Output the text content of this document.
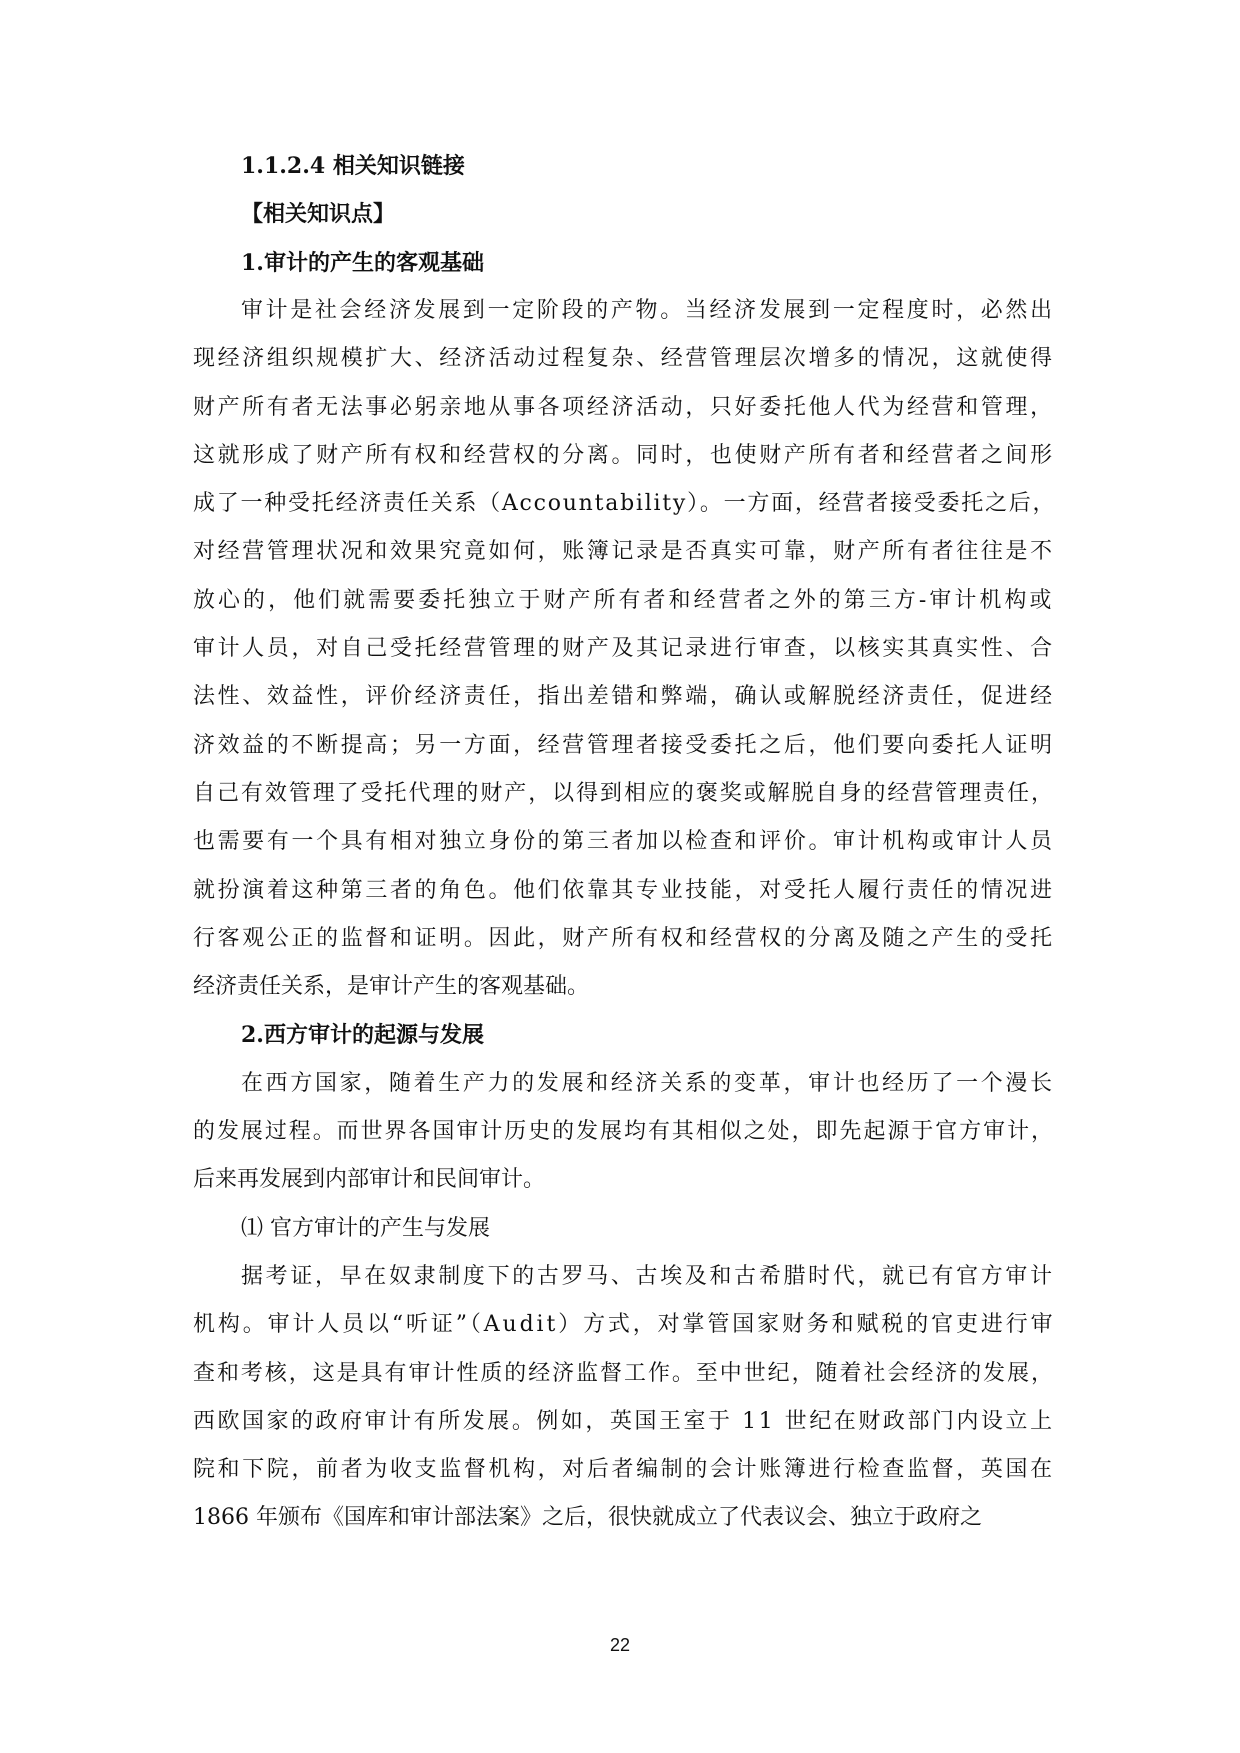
1.1.2.4 相关知识链接
【相关知识点】
1.审计的产生的客观基础
审计是社会经济发展到一定阶段的产物。当经济发展到一定程度时，必然出
现经济组织规模扩大、经济活动过程复杂、经营管理层次增多的情况，这就使得
财产所有者无法事必躬亲地从事各项经济活动，只好委托他人代为经营和管理，
这就形成了财产所有权和经营权的分离。同时，也使财产所有者和经营者之间形
成了一种受托经济责任关系（Accountability）。一方面，经营者接受委托之后，
对经营管理状况和效果究竟如何，账簿记录是否真实可靠，财产所有者往往是不
放心的，他们就需要委托独立于财产所有者和经营者之外的第三方-审计机构或
审计人员，对自己受托经营管理的财产及其记录进行审查，以核实其真实性、合
法性、效益性，评价经济责任，指出差错和弊端，确认或解脱经济责任，促进经
济效益的不断提高；另一方面，经营管理者接受委托之后，他们要向委托人证明
自己有效管理了受托代理的财产，以得到相应的褒奖或解脱自身的经营管理责任，
也需要有一个具有相对独立身份的第三者加以检查和评价。审计机构或审计人员
就扮演着这种第三者的角色。他们依靠其专业技能，对受托人履行责任的情况进
行客观公正的监督和证明。因此，财产所有权和经营权的分离及随之产生的受托
经济责任关系，是审计产生的客观基础。
2.西方审计的起源与发展
在西方国家，随着生产力的发展和经济关系的变革，审计也经历了一个漫长
的发展过程。而世界各国审计历史的发展均有其相似之处，即先起源于官方审计，
后来再发展到内部审计和民间审计。
⑴ 官方审计的产生与发展
据考证，早在奴隶制度下的古罗马、古埃及和古希腊时代，就已有官方审计
机构。审计人员以“听证”（Audit）方式，对掌管国家财务和赋税的官吏进行审
查和考核，这是具有审计性质的经济监督工作。至中世纪，随着社会经济的发展，
西欧国家的政府审计有所发展。例如，英国王室于 11 世纪在财政部门内设立上
院和下院，前者为收支监督机构，对后者编制的会计账簿进行检查监督，英国在
1866 年颁布《国库和审计部法案》之后，很快就成立了代表议会、独立于政府之
22
